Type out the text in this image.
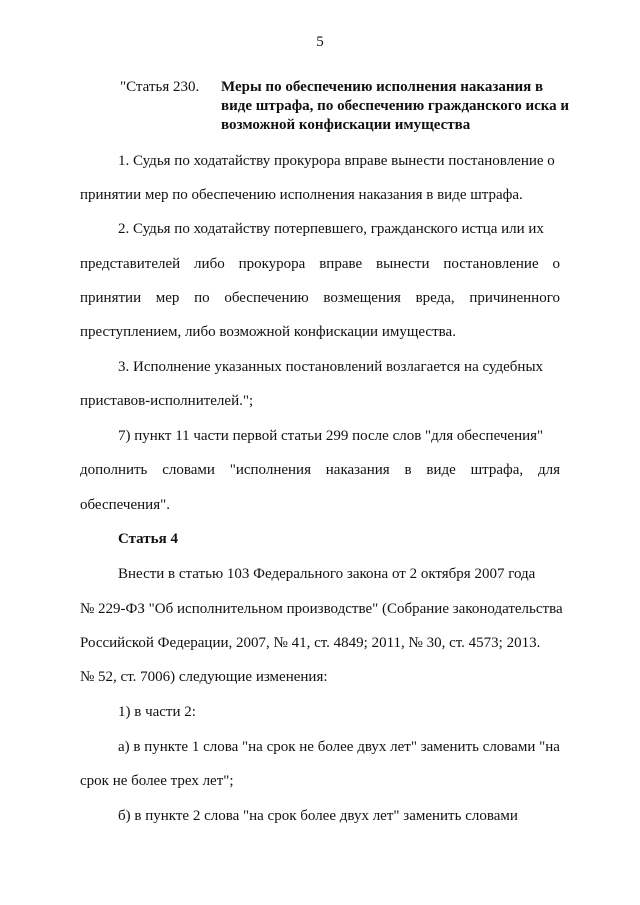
5
"Статья 230. Меры по обеспечению исполнения наказания в виде штрафа, по обеспечению гражданского иска и возможной конфискации имущества
1. Судья по ходатайству прокурора вправе вынести постановление о
принятии мер по обеспечению исполнения наказания в виде штрафа.
2. Судья по ходатайству потерпевшего, гражданского истца или их
представителей либо прокурора вправе вынести постановление о
принятии мер по обеспечению возмещения вреда, причиненного
преступлением, либо возможной конфискации имущества.
3. Исполнение указанных постановлений возлагается на судебных
приставов-исполнителей.";
7) пункт 11 части первой статьи 299 после слов "для обеспечения"
дополнить словами "исполнения наказания в виде штрафа, для
обеспечения".
Статья 4
Внести в статью 103 Федерального закона от 2 октября 2007 года
№ 229-ФЗ "Об исполнительном производстве" (Собрание законодательства
Российской Федерации, 2007, № 41, ст. 4849; 2011, № 30, ст. 4573; 2013.
№ 52, ст. 7006) следующие изменения:
1) в части 2:
а) в пункте 1 слова "на срок не более двух лет" заменить словами "на
срок не более трех лет";
б) в пункте 2 слова "на срок более двух лет" заменить словами
